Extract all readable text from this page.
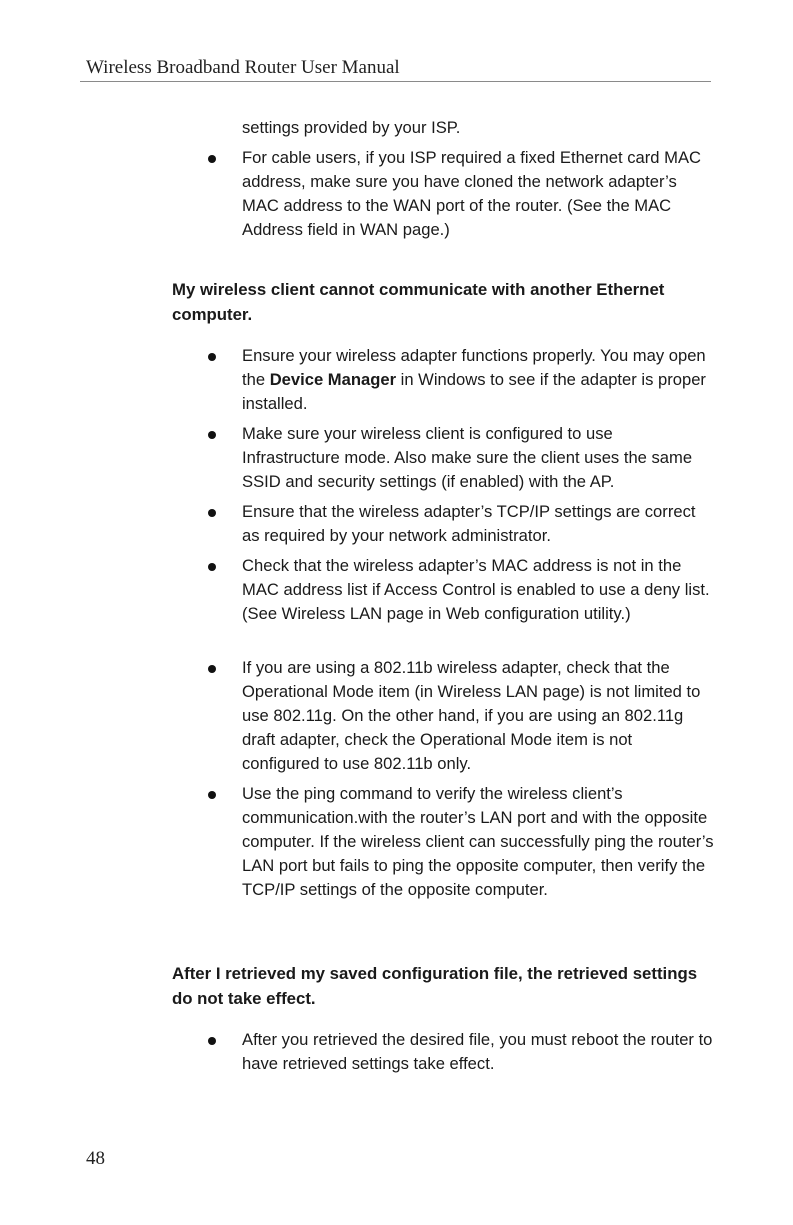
Wireless Broadband Router User Manual
settings provided by your ISP.
For cable users, if you ISP required a fixed Ethernet card MAC address, make sure you have cloned the network adapter’s MAC address to the WAN port of the router. (See the MAC Address field in WAN page.)
My wireless client cannot communicate with another Ethernet computer.
Ensure your wireless adapter functions properly. You may open the Device Manager in Windows to see if the adapter is proper installed.
Make sure your wireless client is configured to use Infrastructure mode. Also make sure the client uses the same SSID and security settings (if enabled) with the AP.
Ensure that the wireless adapter’s TCP/IP settings are correct as required by your network administrator.
Check that the wireless adapter’s MAC address is not in the MAC address list if Access Control is enabled to use a deny list. (See Wireless LAN page in Web configuration utility.)
If you are using a 802.11b wireless adapter, check that the Operational Mode item (in Wireless LAN page) is not limited to use 802.11g. On the other hand, if you are using an 802.11g draft adapter, check the Operational Mode item is not configured to use 802.11b only.
Use the ping command to verify the wireless client’s communication.with the router’s LAN port and with the opposite computer. If the wireless client can successfully ping the router’s LAN port but fails to ping the opposite computer, then verify the TCP/IP settings of the opposite computer.
After I retrieved my saved configuration file, the retrieved settings do not take effect.
After you retrieved the desired file, you must reboot the router to have retrieved settings take effect.
48
